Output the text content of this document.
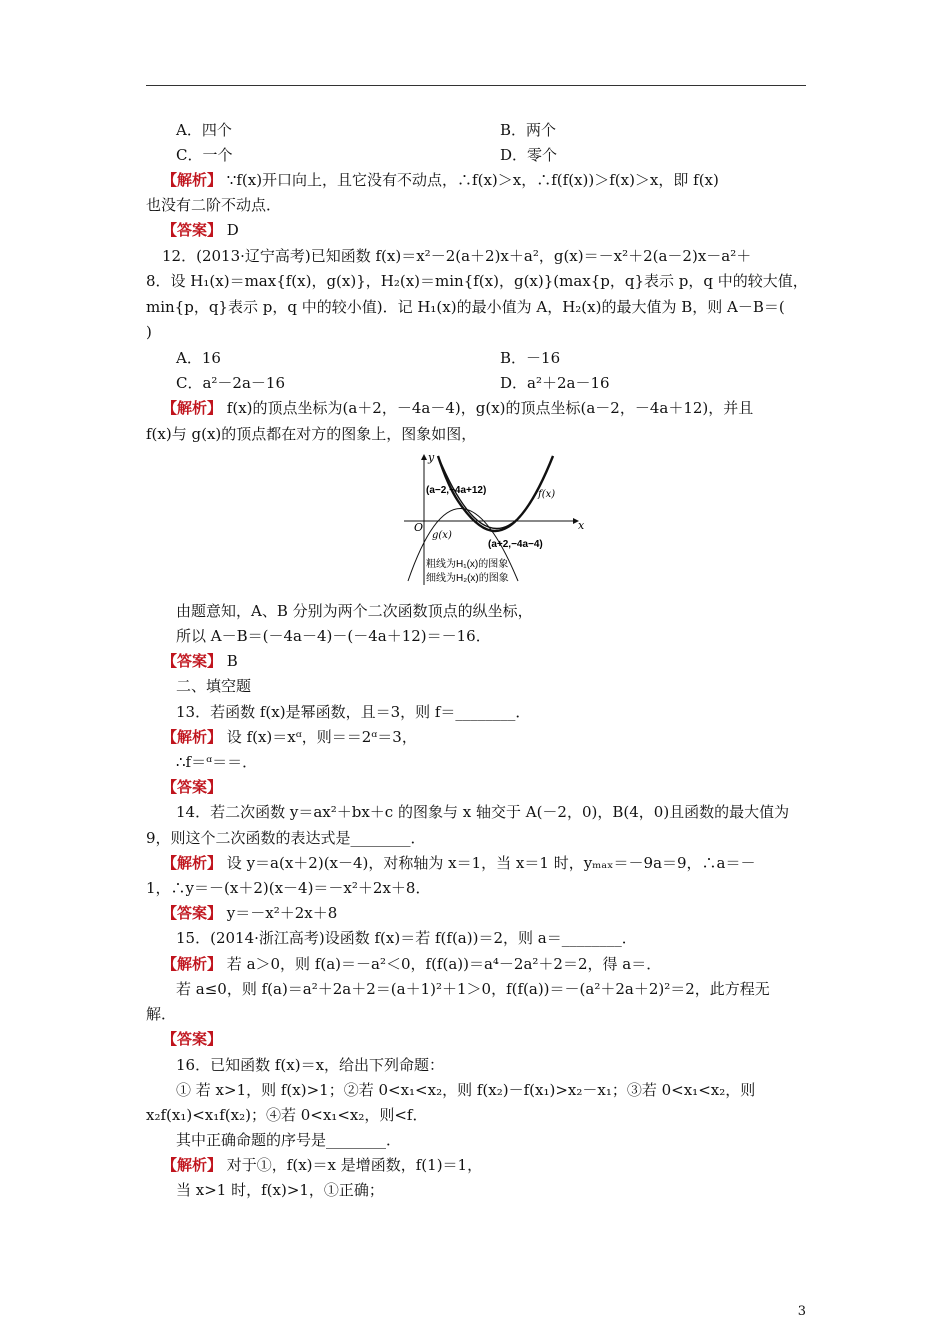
A．四个	B．两个
C．一个	D．零个
【解析】 ∵f(x)开口向上，且它没有不动点，∴f(x)＞x，∴f(f(x))＞f(x)＞x，即 f(x)
也没有二阶不动点．
【答案】 D
12．(2013·辽宁高考)已知函数 f(x)＝x²－2(a＋2)x＋a²，g(x)＝－x²＋2(a－2)x－a²＋
8．设 H₁(x)＝max{f(x)，g(x)}，H₂(x)＝min{f(x)，g(x)}(max{p，q}表示 p，q 中的较大值，
min{p，q}表示 p，q 中的较小值)．记 H₁(x)的最小值为 A，H₂(x)的最大值为 B，则 A－B＝(
)
A．16	B．－16
C．a²－2a－16	D．a²＋2a－16
【解析】 f(x)的顶点坐标为(a＋2，－4a－4)，g(x)的顶点坐标(a－2，－4a＋12)，并且
f(x)与 g(x)的顶点都在对方的图象上，图象如图，
x
y
O
(a−2,−4a+12)	f(x)
g(x)
(a+2,−4a−4)
粗线为H₁(x)的图象
细线为H₂(x)的图象
由题意知，A、B 分别为两个二次函数顶点的纵坐标，
所以 A－B＝(－4a－4)－(－4a＋12)＝－16．
【答案】 B
二、填空题
13．若函数 f(x)是幂函数，且＝3，则 f＝________．
【解析】 设 f(x)＝xᵅ，则＝＝2ᵅ＝3，
∴f＝ᵅ＝＝．
【答案】
14．若二次函数 y＝ax²＋bx＋c 的图象与 x 轴交于 A(－2，0)，B(4，0)且函数的最大值为
9，则这个二次函数的表达式是________．
【解析】 设 y＝a(x＋2)(x－4)，对称轴为 x＝1，当 x＝1 时，yₘₐₓ＝－9a＝9，∴a＝－
1，∴y＝－(x＋2)(x－4)＝－x²＋2x＋8．
【答案】 y＝－x²＋2x＋8
15．(2014·浙江高考)设函数 f(x)＝若 f(f(a))＝2，则 a＝________．
【解析】 若 a＞0，则 f(a)＝－a²＜0，f(f(a))＝a⁴－2a²＋2＝2，得 a＝．
若 a≤0，则 f(a)＝a²＋2a＋2＝(a＋1)²＋1＞0，f(f(a))＝－(a²＋2a＋2)²＝2，此方程无
解．
【答案】
16．已知函数 f(x)＝x，给出下列命题：
① 若 x>1，则 f(x)>1；②若 0<x₁<x₂，则 f(x₂)－f(x₁)>x₂－x₁；③若 0<x₁<x₂，则
x₂f(x₁)<x₁f(x₂)；④若 0<x₁<x₂，则<f．
其中正确命题的序号是________．
【解析】 对于①，f(x)＝x 是增函数，f(1)＝1，
当 x>1 时，f(x)>1，①正确；
3
